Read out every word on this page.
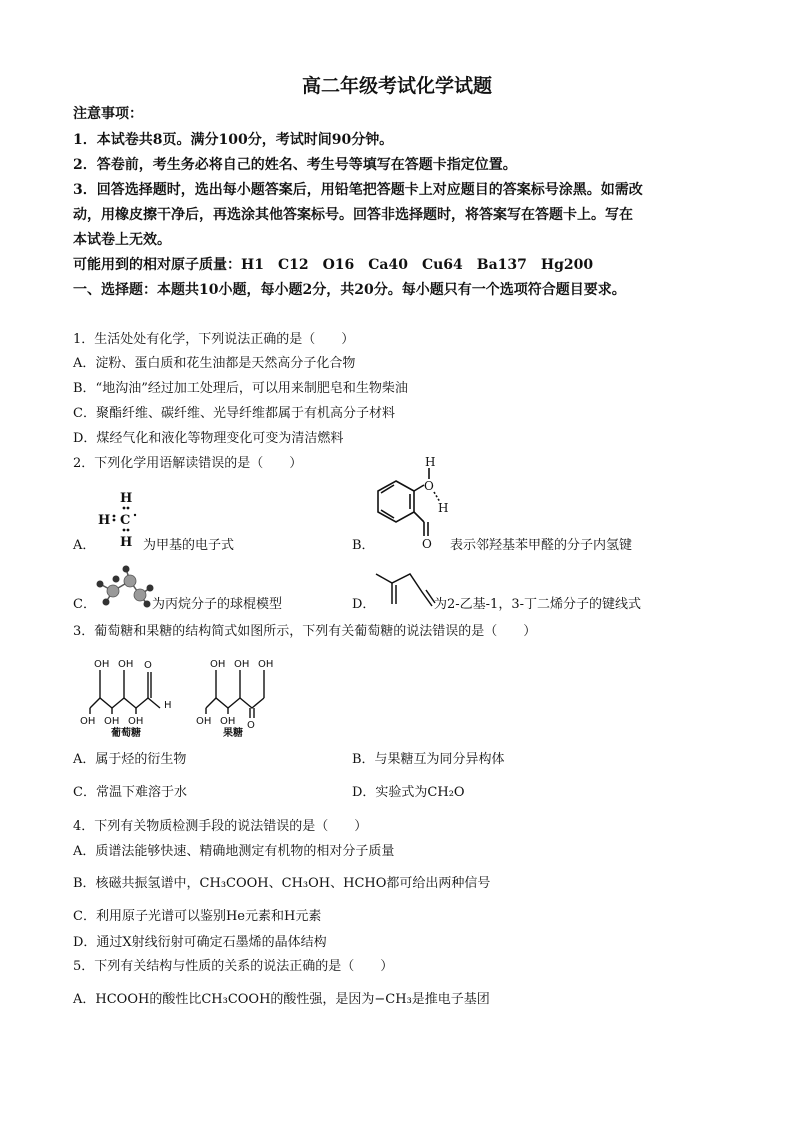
高二年级考试化学试题
注意事项：
1．本试卷共8页。满分100分，考试时间90分钟。
2．答卷前，考生务必将自己的姓名、考生号等填写在答题卡指定位置。
3．回答选择题时，选出每小题答案后，用铅笔把答题卡上对应题目的答案标号涂黑。如需改
动，用橡皮擦干净后，再选涂其他答案标号。回答非选择题时，将答案写在答题卡上。写在
本试卷上无效。
可能用到的相对原子质量：H1　C12　O16　Ca40　Cu64　Ba137　Hg200
一、选择题：本题共10小题，每小题2分，共20分。每小题只有一个选项符合题目要求。
1．生活处处有化学，下列说法正确的是（　　）
A．淀粉、蛋白质和花生油都是天然高分子化合物
B．“地沟油”经过加工处理后，可以用来制肥皂和生物柴油
C．聚酯纤维、碳纤维、光导纤维都属于有机高分子材料
D．煤经气化和液化等物理变化可变为清洁燃料
2．下列化学用语解读错误的是（　　）
A．
H
C
H
H
为甲基的电子式	B．
H
O
H
O 表示邻羟基苯甲醛的分子内氢键
C．	为丙烷分子的球棍模型	D．	为2-乙基-1，3-丁二烯分子的键线式
3．葡萄糖和果糖的结构简式如图所示，下列有关葡萄糖的说法错误的是（　　）
OH OH O
H
OH OH OH
OH OH OH
OH OH O
葡萄糖	果糖
A．属于烃的衍生物	B．与果糖互为同分异构体
C．常温下难溶于水	D．实验式为CH₂O
4．下列有关物质检测手段的说法错误的是（　　）
A．质谱法能够快速、精确地测定有机物的相对分子质量
B．核磁共振氢谱中，CH₃COOH、CH₃OH、HCHO都可给出两种信号
C．利用原子光谱可以鉴别He元素和H元素
D．通过X射线衍射可确定石墨烯的晶体结构
5．下列有关结构与性质的关系的说法正确的是（　　）
A．HCOOH的酸性比CH₃COOH的酸性强，是因为−CH₃是推电子基团
